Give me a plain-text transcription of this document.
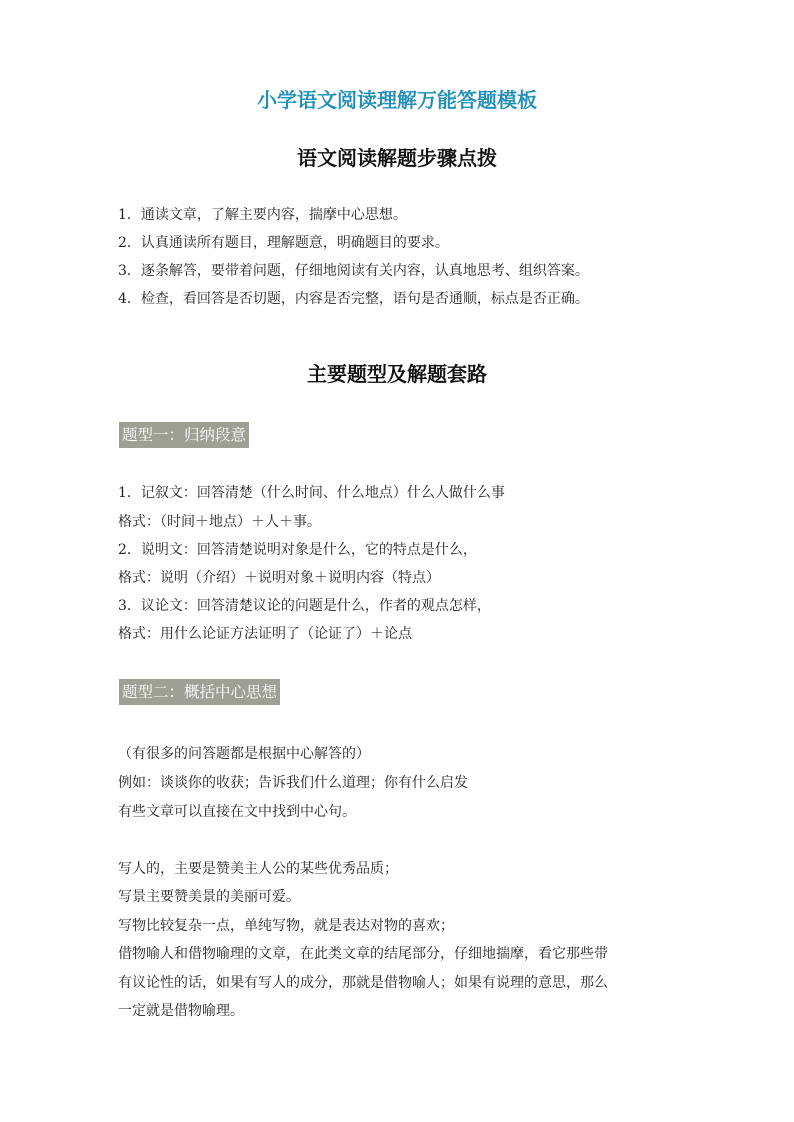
小学语文阅读理解万能答题模板
语文阅读解题步骤点拨
1．通读文章，了解主要内容，揣摩中心思想。
2．认真通读所有题目，理解题意，明确题目的要求。
3．逐条解答，要带着问题，仔细地阅读有关内容，认真地思考、组织答案。
4．检查，看回答是否切题，内容是否完整，语句是否通顺，标点是否正确。
主要题型及解题套路
题型一：归纳段意
1．记叙文：回答清楚（什么时间、什么地点）什么人做什么事
格式：（时间＋地点）＋人＋事。
2．说明文：回答清楚说明对象是什么，它的特点是什么，
格式：说明（介绍）＋说明对象＋说明内容（特点）
3．议论文：回答清楚议论的问题是什么，作者的观点怎样，
格式：用什么论证方法证明了（论证了）＋论点
题型二：概括中心思想
（有很多的问答题都是根据中心解答的）
例如：谈谈你的收获；告诉我们什么道理；你有什么启发
有些文章可以直接在文中找到中心句。
写人的，主要是赞美主人公的某些优秀品质；
写景主要赞美景的美丽可爱。
写物比较复杂一点，单纯写物，就是表达对物的喜欢；
借物喻人和借物喻理的文章，在此类文章的结尾部分，仔细地揣摩，看它那些带
有议论性的话，如果有写人的成分，那就是借物喻人；如果有说理的意思，那么
一定就是借物喻理。
